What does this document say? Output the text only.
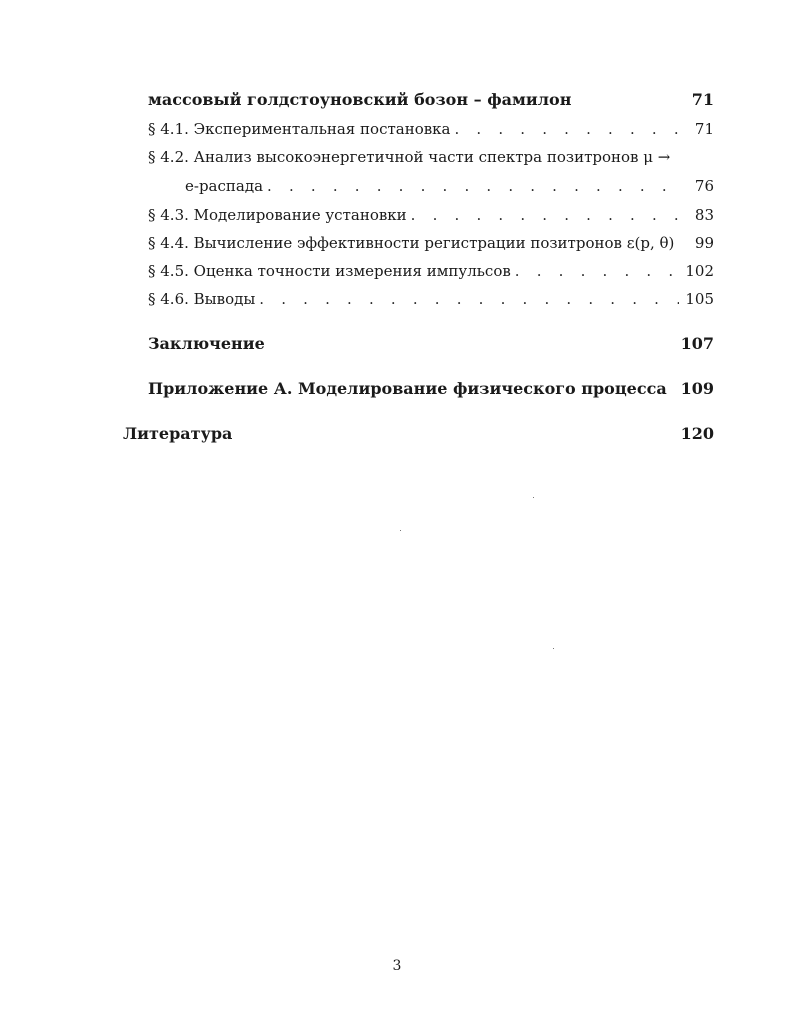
массовый голдстоуновский бозон – фамилон	71
§ 4.1. Экспериментальная постановка . . .	71
§ 4.2. Анализ высокоэнергетичной части спектра позитронов μ →
e-распада . . .	76
§ 4.3. Моделирование установки . . .	83
§ 4.4. Вычисление эффективности регистрации позитронов ε(p, θ)	99
§ 4.5. Оценка точности измерения импульсов . . .	102
§ 4.6. Выводы . . .	105
Заключение	107
Приложение А. Моделирование физического процесса 109
Литература	120
3
